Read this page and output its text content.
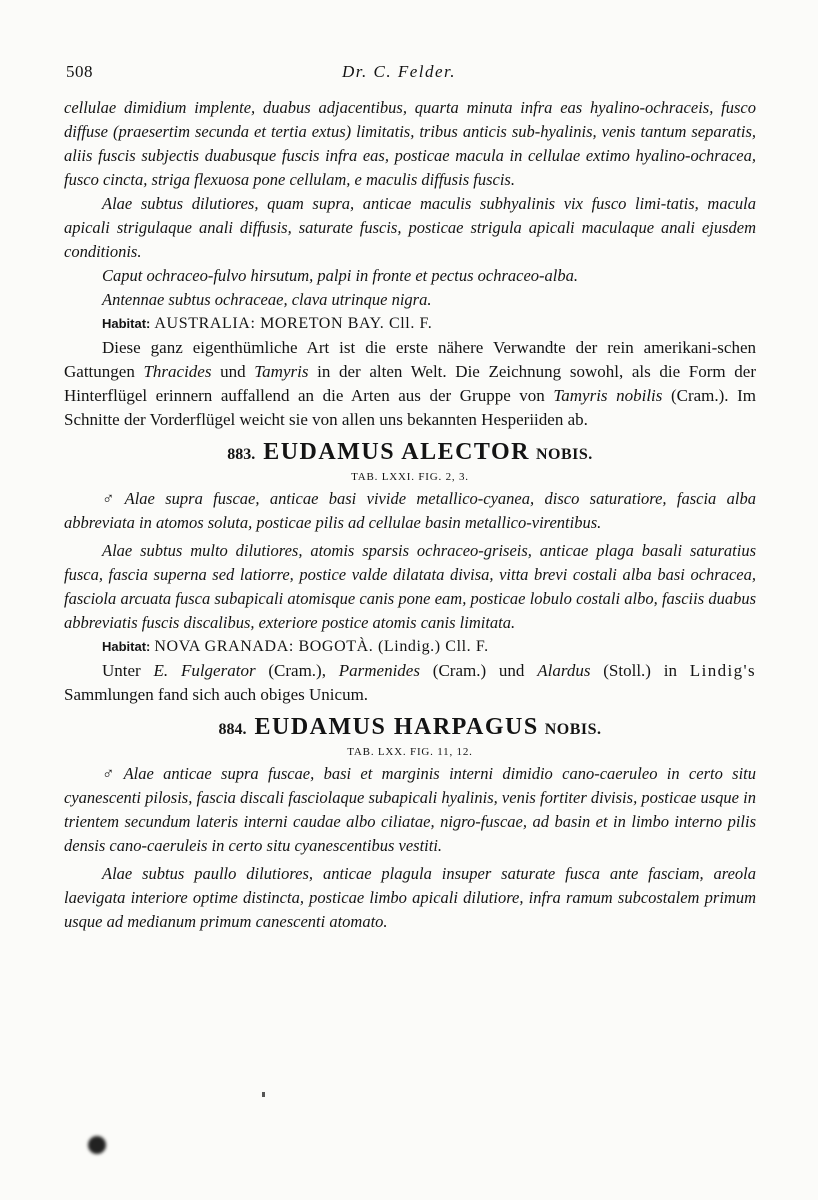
508	Dr. C. Felder.

cellulae dimidium implente, duabus adjacentibus, quarta minuta infra eas hyalino-ochraceis, fusco diffuse (praesertim secunda et tertia extus) limitatis, tribus anticis sub-hyalinis, venis tantum separatis, aliis fuscis subjectis duabusque fuscis infra eas, posticae macula in cellulae extimo hyalino-ochracea, fusco cincta, striga flexuosa pone cellulam, e maculis diffusis fuscis.

Alae subtus dilutiores, quam supra, anticae maculis subhyalinis vix fusco limi-tatis, macula apicali strigulaque anali diffusis, saturate fuscis, posticae strigula apicali maculaque anali ejusdem conditionis.

Caput ochraceo-fulvo hirsutum, palpi in fronte et pectus ochraceo-alba.

Antennae subtus ochraceae, clava utrinque nigra.

Habitat: AUSTRALIA: MORETON BAY. Cll. F.

Diese ganz eigenthümliche Art ist die erste nähere Verwandte der rein amerikani-schen Gattungen Thracides und Tamyris in der alten Welt. Die Zeichnung sowohl, als die Form der Hinterflügel erinnern auffallend an die Arten aus der Gruppe von Tamyris nobilis (Cram.). Im Schnitte der Vorderflügel weicht sie von allen uns bekannten Hesperiiden ab.

883. EUDAMUS ALECTOR NOBIS.
TAB. LXXI. FIG. 2, 3.

♂ Alae supra fuscae, anticae basi vivide metallico-cyanea, disco saturatiore, fascia alba abbreviata in atomos soluta, posticae pilis ad cellulae basin metallico-virentibus.

Alae subtus multo dilutiores, atomis sparsis ochraceo-griseis, anticae plaga basali saturatius fusca, fascia superna sed latiorre, postice valde dilatata divisa, vitta brevi costali alba basi ochracea, fasciola arcuata fusca subapicali atomisque canis pone eam, posticae lobulo costali albo, fasciis duabus abbreviatis fuscis discalibus, exteriore postice atomis canis limitata.

Habitat: NOVA GRANADA: BOGOTÀ. (Lindig.) Cll. F.

Unter E. Fulgerator (Cram.), Parmenides (Cram.) und Alardus (Stoll.) in Lindig's Sammlungen fand sich auch obiges Unicum.

884. EUDAMUS HARPAGUS NOBIS.
TAB. LXX. FIG. 11, 12.

♂ Alae anticae supra fuscae, basi et marginis interni dimidio cano-caeruleo in certo situ cyanescenti pilosis, fascia discali fasciolaque subapicali hyalinis, venis fortiter divisis, posticae usque in trientem secundum lateris interni caudae albo ciliatae, nigro-fuscae, ad basin et in limbo interno pilis densis cano-caeruleis in certo situ cyanescentibus vestiti.

Alae subtus paullo dilutiores, anticae plagula insuper saturate fusca ante fasciam, areola laevigata interiore optime distincta, posticae limbo apicali dilutiore, infra ramum subcostalem primum usque ad medianum primum canescenti atomato.
